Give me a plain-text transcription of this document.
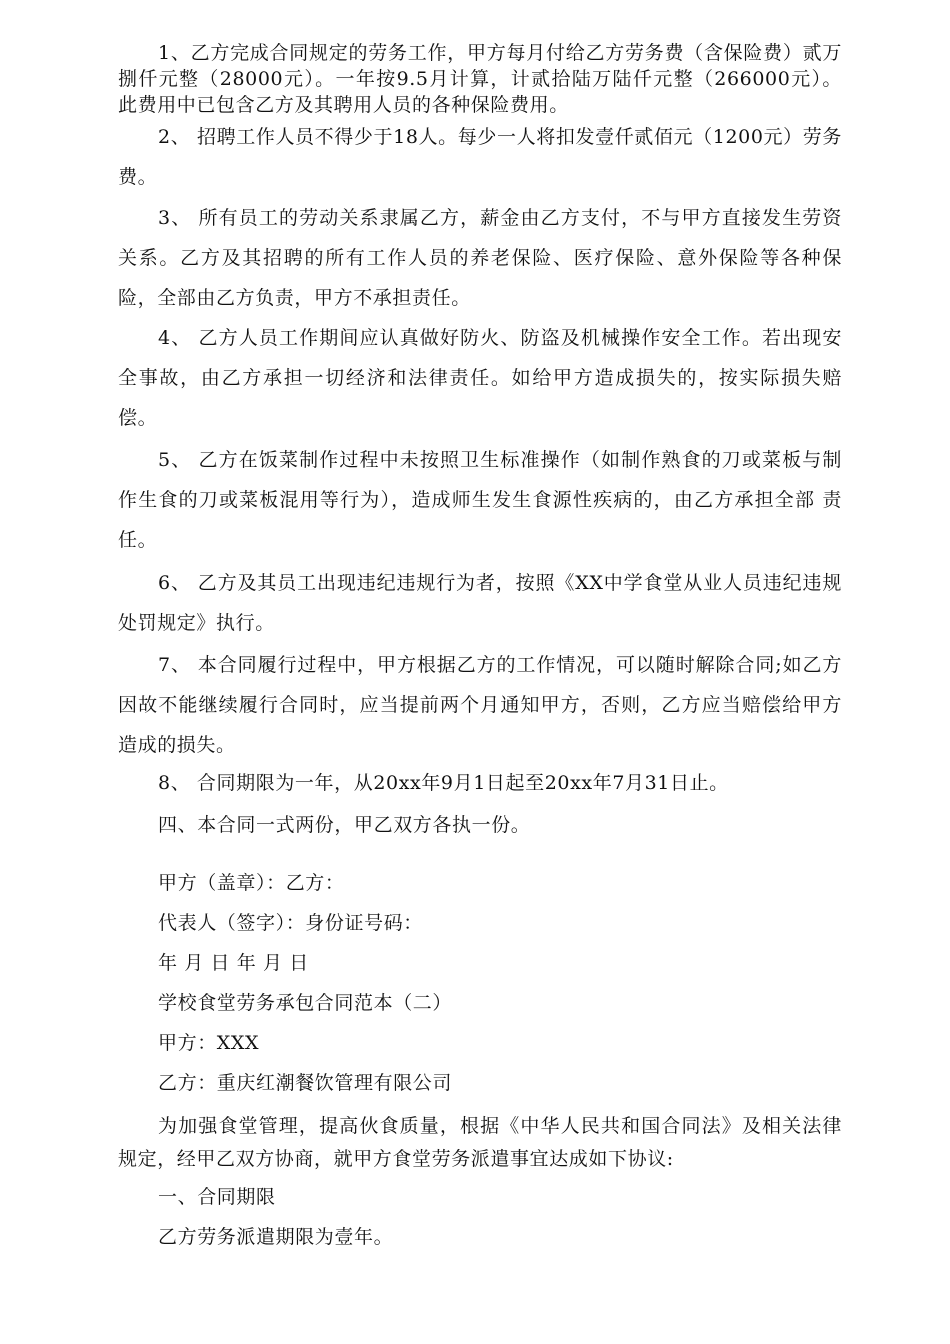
1、乙方完成合同规定的劳务工作，甲方每月付给乙方劳务费（含保险费）贰万捌仟元整（28000元）。一年按9.5月计算，计贰拾陆万陆仟元整（266000元）。 此费用中已包含乙方及其聘用人员的各种保险费用。

2、 招聘工作人员不得少于18人。每少一人将扣发壹仟贰佰元（1200元）劳务费。

3、 所有员工的劳动关系隶属乙方，薪金由乙方支付，不与甲方直接发生劳资关系。乙方及其招聘的所有工作人员的养老保险、医疗保险、意外保险等各种保险，全部由乙方负责，甲方不承担责任。

4、 乙方人员工作期间应认真做好防火、防盗及机械操作安全工作。若出现安全事故，由乙方承担一切经济和法律责任。如给甲方造成损失的，按实际损失赔偿。

5、 乙方在饭菜制作过程中未按照卫生标准操作（如制作熟食的刀或菜板与制 作生食的刀或菜板混用等行为），造成师生发生食源性疾病的，由乙方承担全部 责任。

6、 乙方及其员工出现违纪违规行为者，按照《XX中学食堂从业人员违纪违规处罚规定》执行。

7、 本合同履行过程中，甲方根据乙方的工作情况，可以随时解除合同;如乙方因故不能继续履行合同时，应当提前两个月通知甲方，否则，乙方应当赔偿给甲方造成的损失。

8、 合同期限为一年，从20xx年9月1日起至20xx年7月31日止。

四、本合同一式两份，甲乙双方各执一份。

甲方（盖章）：乙方：

代表人（签字）：身份证号码：

年 月 日 年 月 日

学校食堂劳务承包合同范本（二）

甲方：XXX

乙方：重庆红潮餐饮管理有限公司

为加强食堂管理，提高伙食质量，根据《中华人民共和国合同法》及相关法律规定，经甲乙双方协商，就甲方食堂劳务派遣事宜达成如下协议:

一、合同期限

乙方劳务派遣期限为壹年。
